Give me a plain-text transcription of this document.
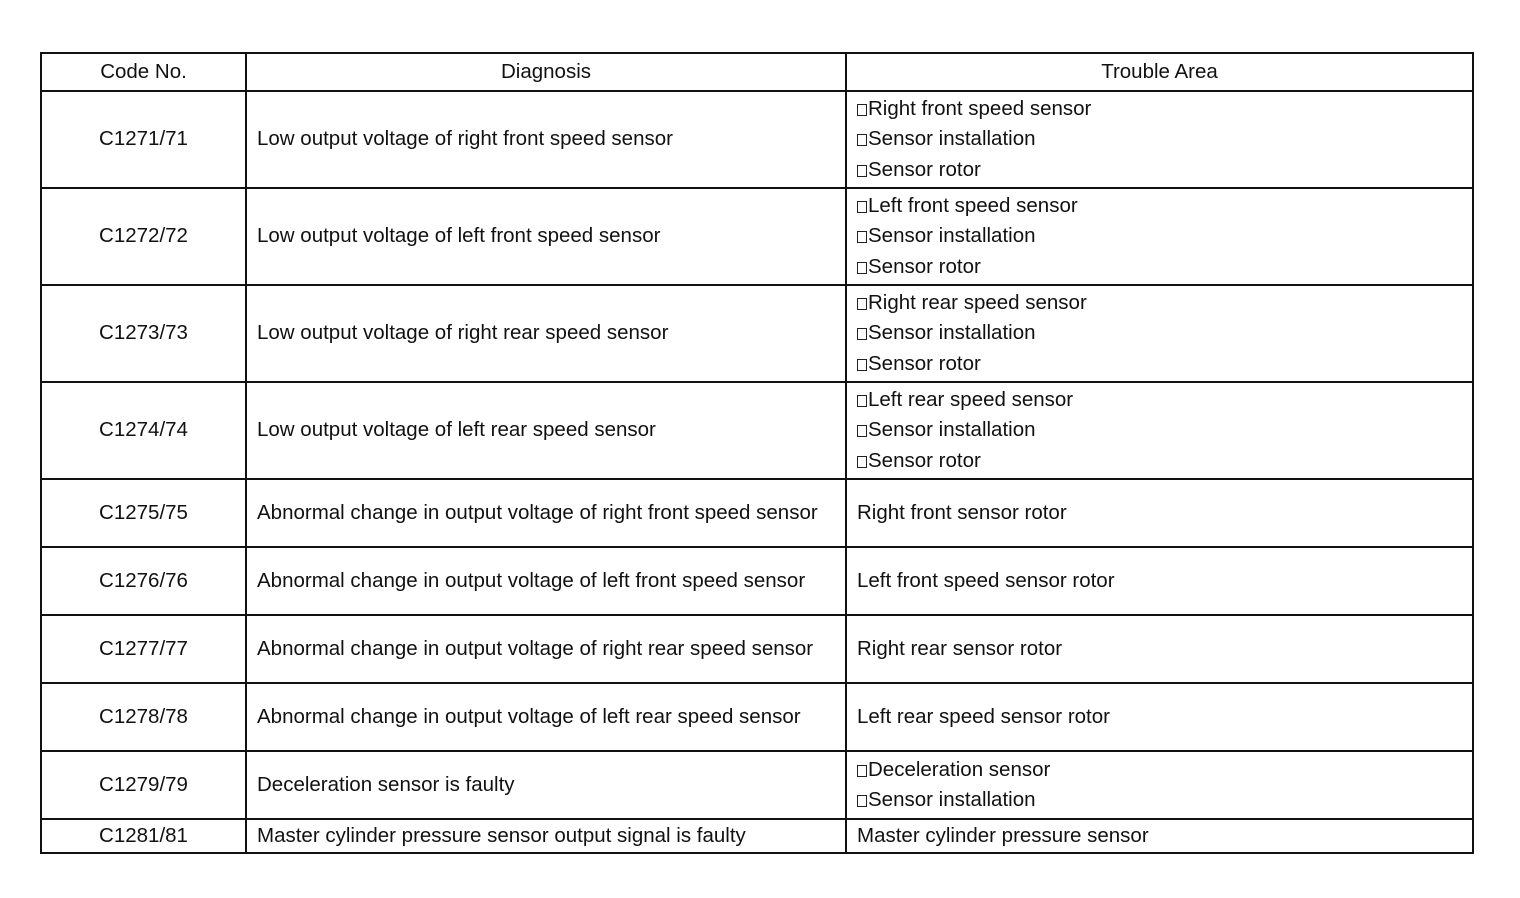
Code No.	Diagnosis	Trouble Area
C1271/71	Low output voltage of right front speed sensor	Right front speed sensor
Sensor installation
Sensor rotor

C1272/72	Low output voltage of left front speed sensor	Left front speed sensor
Sensor installation
Sensor rotor

C1273/73	Low output voltage of right rear speed sensor	Right rear speed sensor
Sensor installation
Sensor rotor

C1274/74	Low output voltage of left rear speed sensor	Left rear speed sensor
Sensor installation
Sensor rotor

C1275/75	Abnormal change in output voltage of right front speed sensor	Right front sensor rotor

C1276/76	Abnormal change in output voltage of left front speed sensor	Left front speed sensor rotor

C1277/77	Abnormal change in output voltage of right rear speed sensor	Right rear sensor rotor

C1278/78	Abnormal change in output voltage of left rear speed sensor	Left rear speed sensor rotor

C1279/79	Deceleration sensor is faulty	Deceleration sensor
Sensor installation

C1281/81	Master cylinder pressure sensor output signal is faulty	Master cylinder pressure sensor
